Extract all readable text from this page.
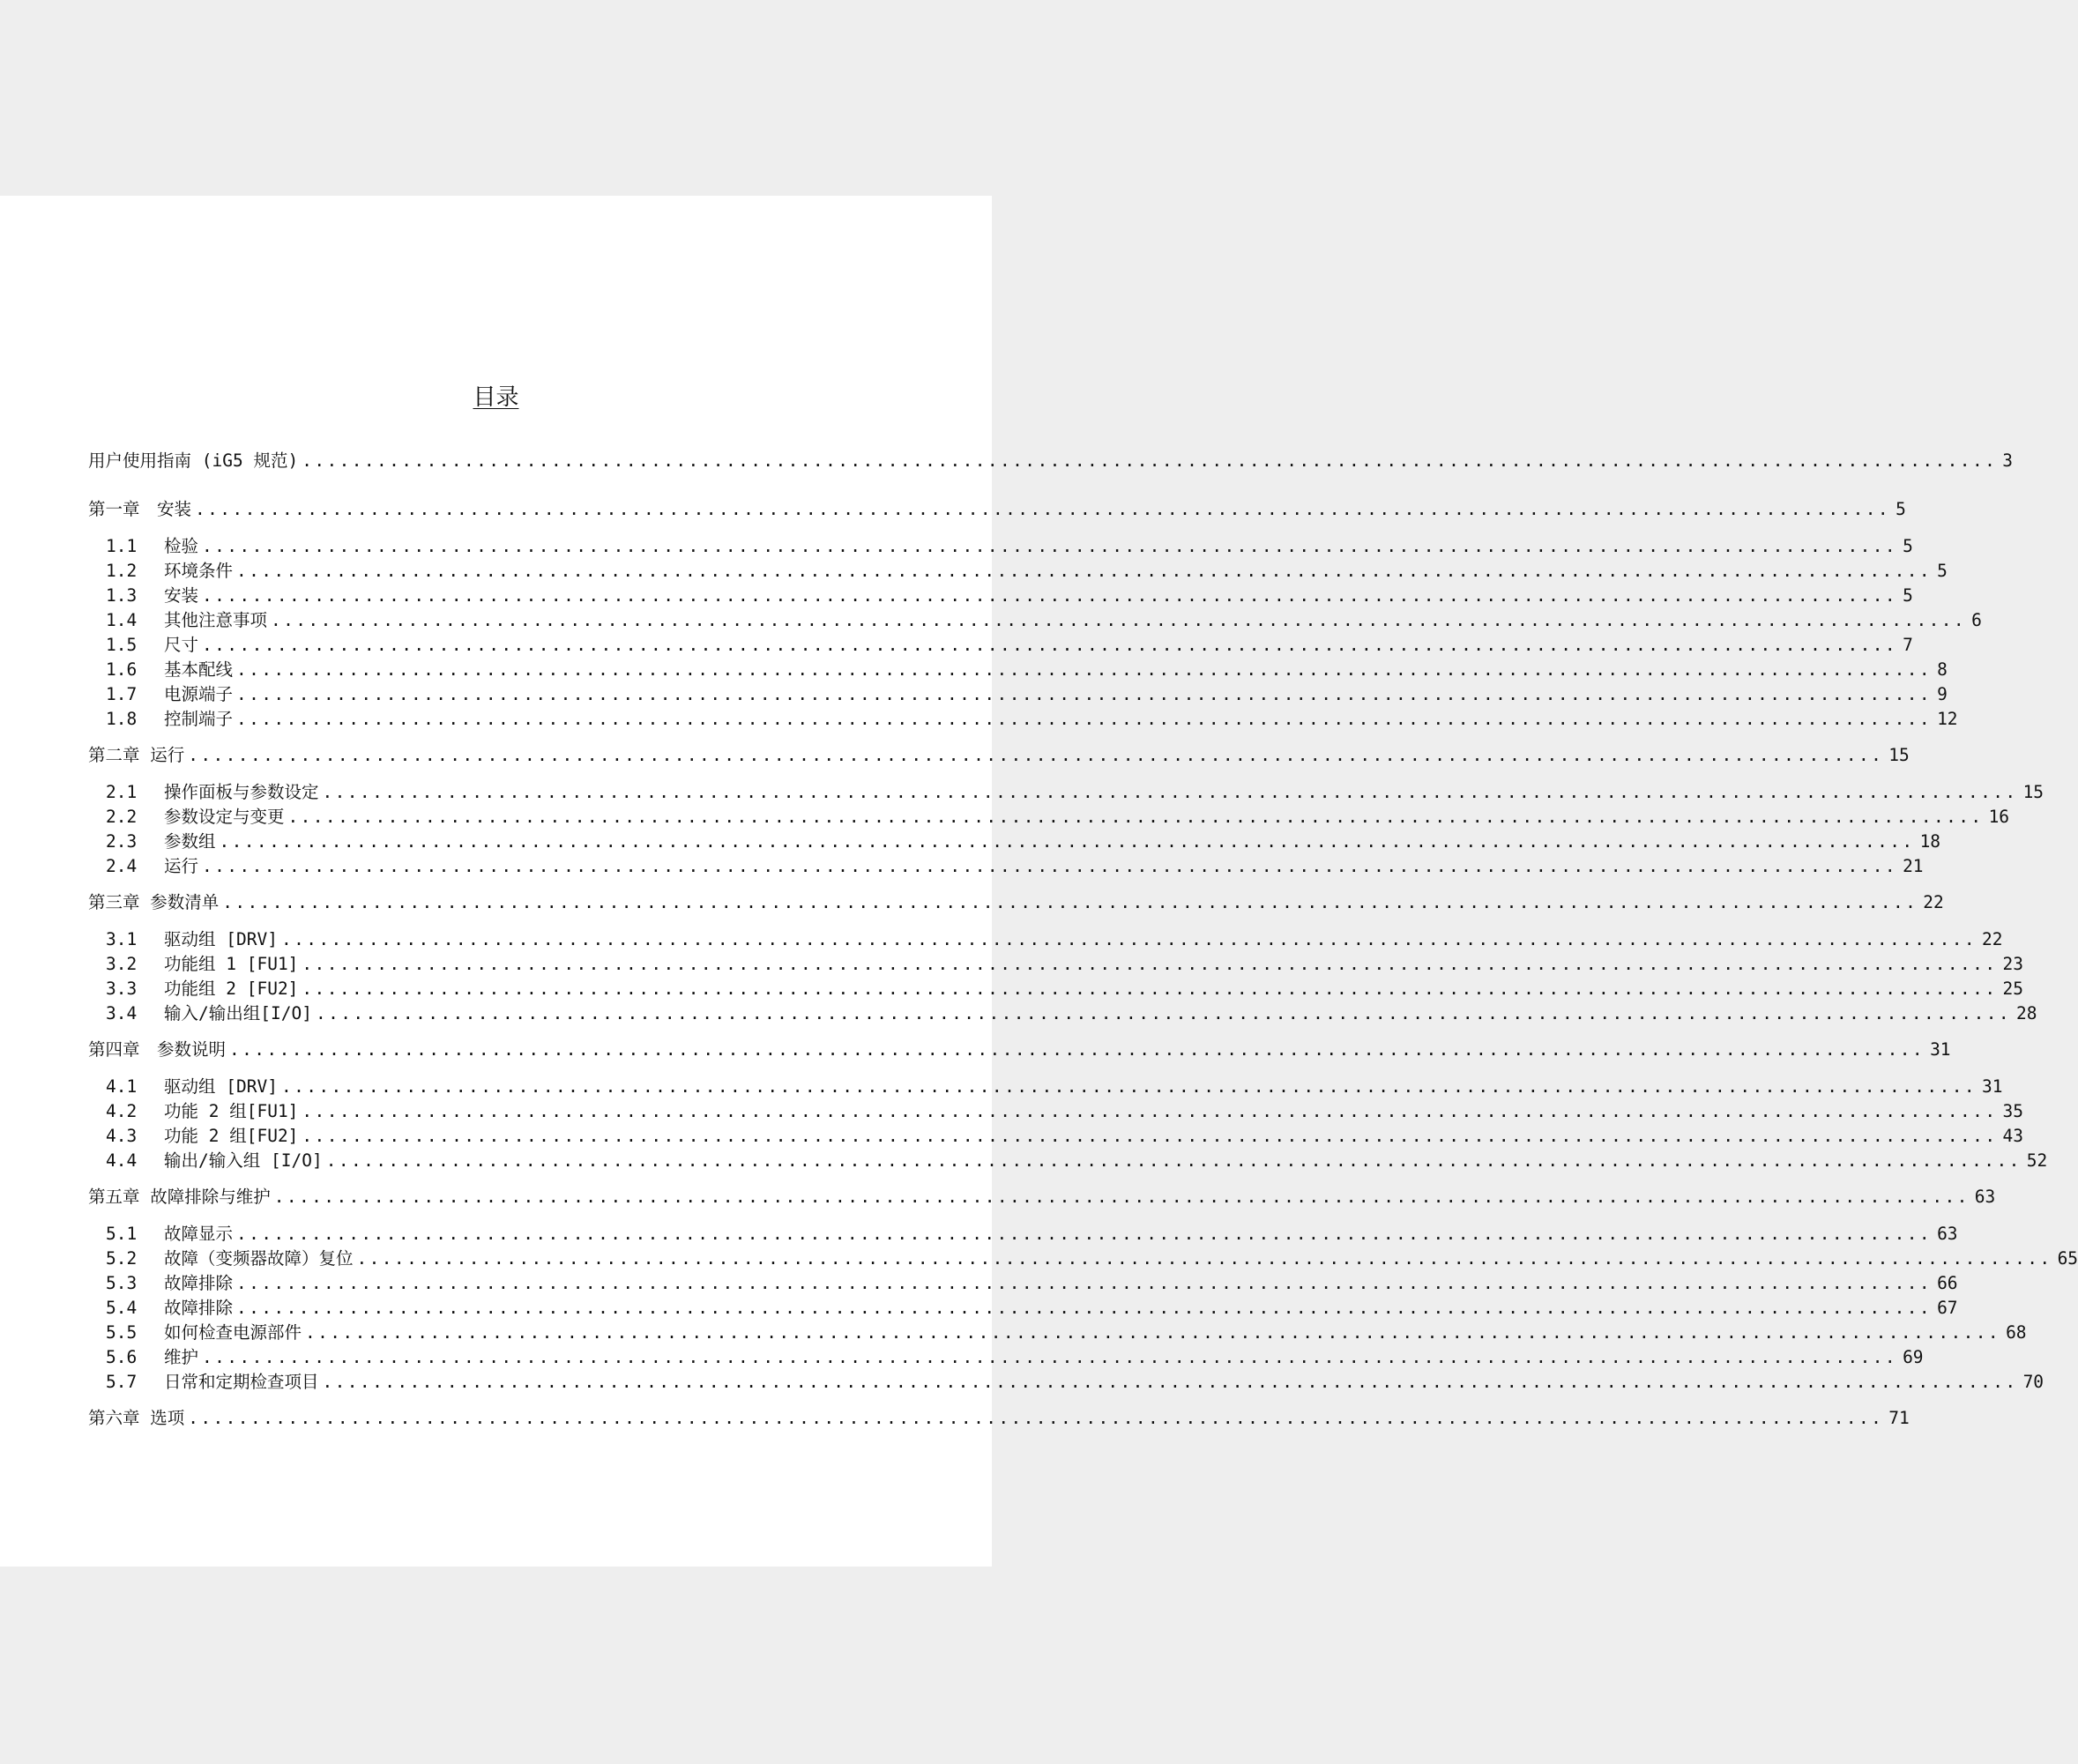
目录
用户使用指南 (iG5 规范) ........................................................................................................................................ 3
第一章　安装 ........................................................................................................................................ 5
1.1	检验 ........................................................................................................................................ 5
1.2	环境条件 ........................................................................................................................................ 5
1.3	安装 ........................................................................................................................................ 5
1.4	其他注意事项 ........................................................................................................................................ 6
1.5	尺寸 ........................................................................................................................................ 7
1.6	基本配线 ........................................................................................................................................ 8
1.7	电源端子 ........................................................................................................................................ 9
1.8	控制端子 ........................................................................................................................................ 12
第二章 运行 ........................................................................................................................................ 15
2.1	操作面板与参数设定 ........................................................................................................................................ 15
2.2	参数设定与变更 ........................................................................................................................................ 16
2.3	参数组 ........................................................................................................................................ 18
2.4	运行 ........................................................................................................................................ 21
第三章 参数清单 ........................................................................................................................................ 22
3.1	驱动组 [DRV] ........................................................................................................................................ 22
3.2	功能组 1 [FU1] ........................................................................................................................................ 23
3.3	功能组 2 [FU2] ........................................................................................................................................ 25
3.4	输入/输出组[I/O] ........................................................................................................................................ 28
第四章　参数说明 ........................................................................................................................................ 31
4.1	驱动组 [DRV] ........................................................................................................................................ 31
4.2	功能 2 组[FU1] ........................................................................................................................................ 35
4.3	功能 2 组[FU2] ........................................................................................................................................ 43
4.4	输出/输入组 [I/O] ........................................................................................................................................ 52
第五章 故障排除与维护 ........................................................................................................................................ 63
5.1	故障显示 ........................................................................................................................................ 63
5.2	故障（变频器故障）复位 ........................................................................................................................................ 65
5.3	故障排除 ........................................................................................................................................ 66
5.4	故障排除 ........................................................................................................................................ 67
5.5	如何检查电源部件 ........................................................................................................................................ 68
5.6	维护 ........................................................................................................................................ 69
5.7	日常和定期检查项目 ........................................................................................................................................ 70
第六章 选项 ........................................................................................................................................ 71
